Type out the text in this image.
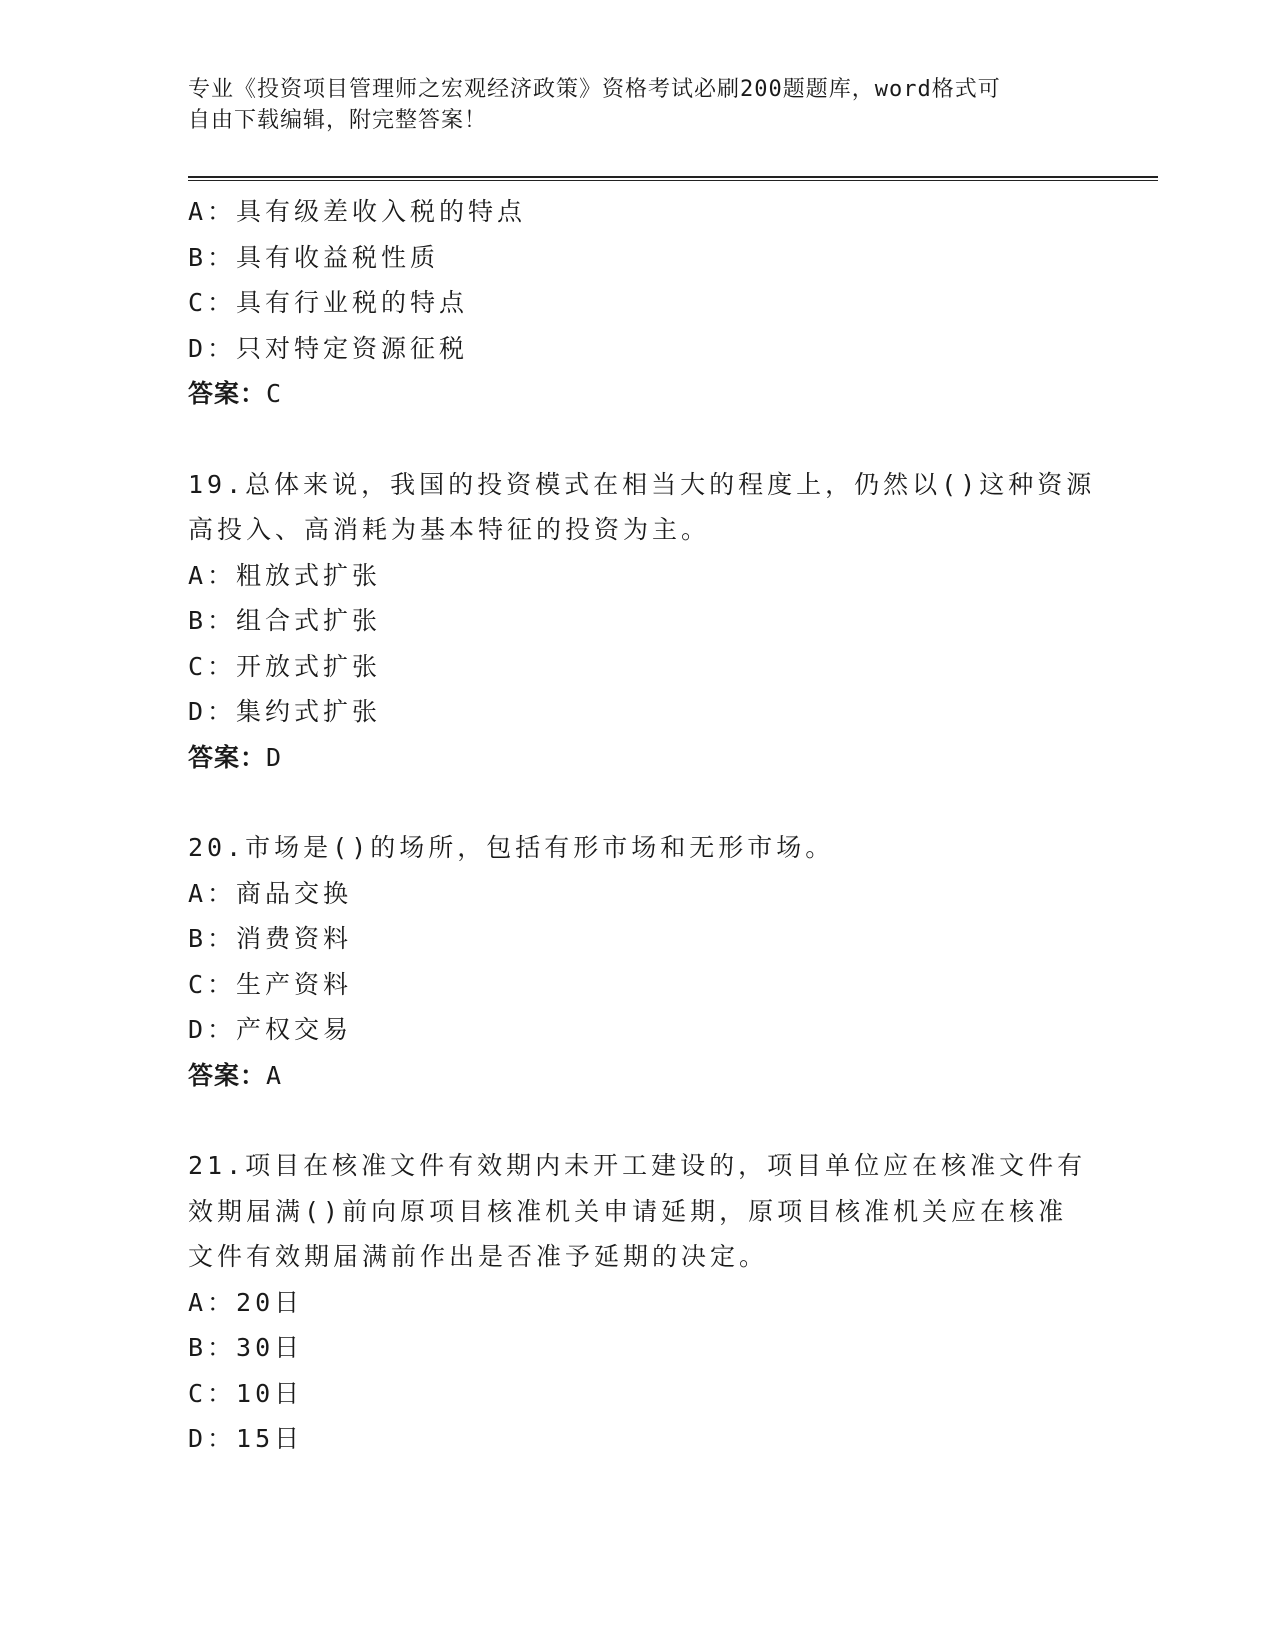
专业《投资项目管理师之宏观经济政策》资格考试必刷200题题库，word格式可
自由下载编辑，附完整答案！
A：具有级差收入税的特点
B：具有收益税性质
C：具有行业税的特点
D：只对特定资源征税
答案：C
19.总体来说，我国的投资模式在相当大的程度上，仍然以()这种资源
高投入、高消耗为基本特征的投资为主。
A：粗放式扩张
B：组合式扩张
C：开放式扩张
D：集约式扩张
答案：D
20.市场是()的场所，包括有形市场和无形市场。
A：商品交换
B：消费资料
C：生产资料
D：产权交易
答案：A
21.项目在核准文件有效期内未开工建设的，项目单位应在核准文件有
效期届满()前向原项目核准机关申请延期，原项目核准机关应在核准
文件有效期届满前作出是否准予延期的决定。
A：20日
B：30日
C：10日
D：15日
